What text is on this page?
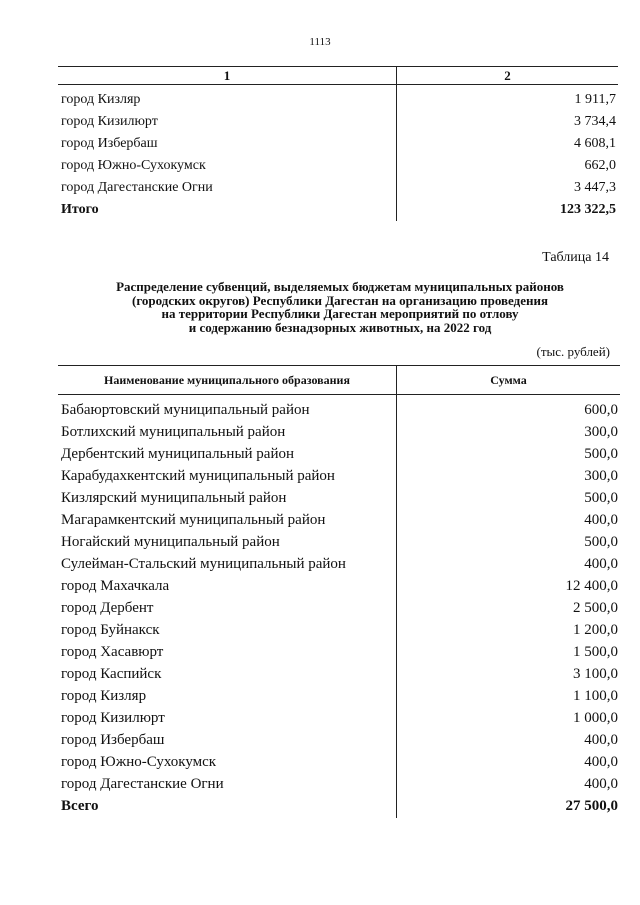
1113
1	2
город Кизляр	1 911,7
город Кизилюрт	3 734,4
город Избербаш	4 608,1
город Южно-Сухокумск	662,0
город Дагестанские Огни	3 447,3
Итого	123 322,5
Таблица 14
Распределение субвенций, выделяемых бюджетам муниципальных районов
(городских округов) Республики Дагестан на организацию проведения
на территории Республики Дагестан мероприятий по отлову
и содержанию безнадзорных животных, на 2022 год
(тыс. рублей)
Наименование муниципального образования	Сумма
Бабаюртовский муниципальный район	600,0
Ботлихский муниципальный район	300,0
Дербентский муниципальный район	500,0
Карабудахкентский муниципальный район	300,0
Кизлярский муниципальный район	500,0
Магарамкентский муниципальный район	400,0
Ногайский муниципальный район	500,0
Сулейман-Стальский муниципальный район	400,0
город Махачкала	12 400,0
город Дербент	2 500,0
город Буйнакск	1 200,0
город Хасавюрт	1 500,0
город Каспийск	3 100,0
город Кизляр	1 100,0
город Кизилюрт	1 000,0
город Избербаш	400,0
город Южно-Сухокумск	400,0
город Дагестанские Огни	400,0
Всего	27 500,0
